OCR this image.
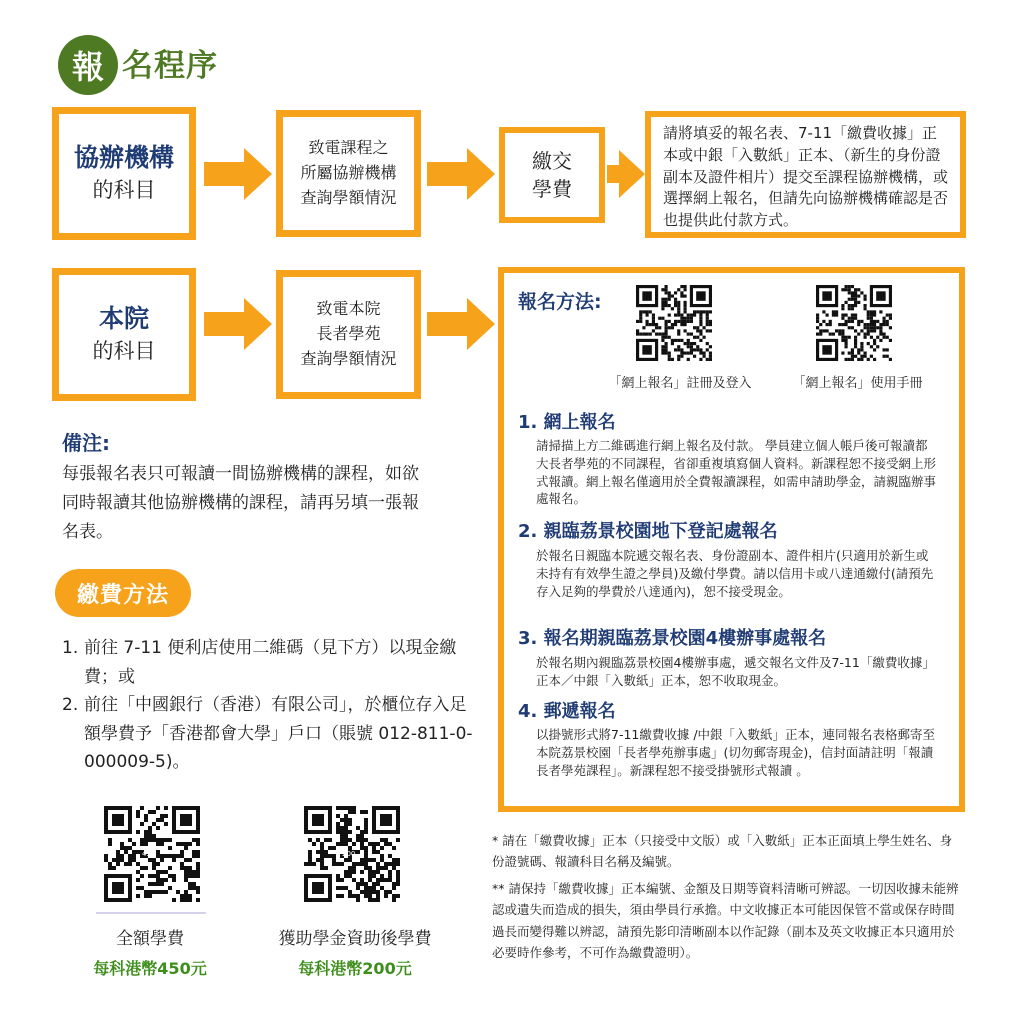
報 名程序
協辦機構
的科目
致電課程之
所屬協辦機構
查詢學額情況
繳交
學費
請將填妥的報名表、7-11「繳費收據」正本或中銀「入數紙」正本、（新生的身份證副本及證件相片）提交至課程協辦機構，或選擇網上報名，但請先向協辦機構確認是否也提供此付款方式。
本院
的科目
致電本院
長者學苑
查詢學額情況
備注:
每張報名表只可報讀一間協辦機構的課程，如欲同時報讀其他協辦機構的課程，請再另填一張報名表。
繳費方法
1. 前往 7-11 便利店使用二維碼（見下方）以現金繳費；或
2. 前往「中國銀行（香港）有限公司」，於櫃位存入足額學費予「香港都會大學」戶口（賬號 012-811-0-000009-5)。
450
全額學費
每科港幣450元
200
獲助學金資助後學費
每科港幣200元
報名方法:
「網上報名」註冊及登入	「網上報名」使用手冊
1. 網上報名
請掃描上方二維碼進行網上報名及付款。 學員建立個人帳戶後可報讀都大長者學苑的不同課程，省卻重複填寫個人資料。新課程恕不接受網上形式報讀。網上報名僅適用於全費報讀課程，如需申請助學金，請親臨辦事處報名。
2. 親臨荔景校園地下登記處報名
於報名日親臨本院遞交報名表、身份證副本、證件相片(只適用於新生或未持有有效學生證之學員)及繳付學費。請以信用卡或八達通繳付(請預先存入足夠的學費於八達通內)，恕不接受現金。
3. 報名期親臨荔景校園4樓辦事處報名
於報名期內親臨荔景校園4樓辦事處，遞交報名文件及7-11「繳費收據」正本／中銀「入數紙」正本，恕不收取現金。
4. 郵遞報名
以掛號形式將7-11繳費收據 /中銀「入數紙」正本，連同報名表格郵寄至本院荔景校園「長者學苑辦事處」(切勿郵寄現金)，信封面請註明「報讀長者學苑課程」。新課程恕不接受掛號形式報讀 。
* 請在「繳費收據」正本（只接受中文版）或「入數紙」正本正面填上學生姓名、身份證號碼、報讀科目名稱及編號。
** 請保持「繳費收據」正本編號、金額及日期等資料清晰可辨認。一切因收據未能辨認或遺失而造成的損失，須由學員行承擔。中文收據正本可能因保管不當或保存時間過長而變得難以辨認，請預先影印清晰副本以作記錄（副本及英文收據正本只適用於必要時作參考，不可作為繳費證明）。
